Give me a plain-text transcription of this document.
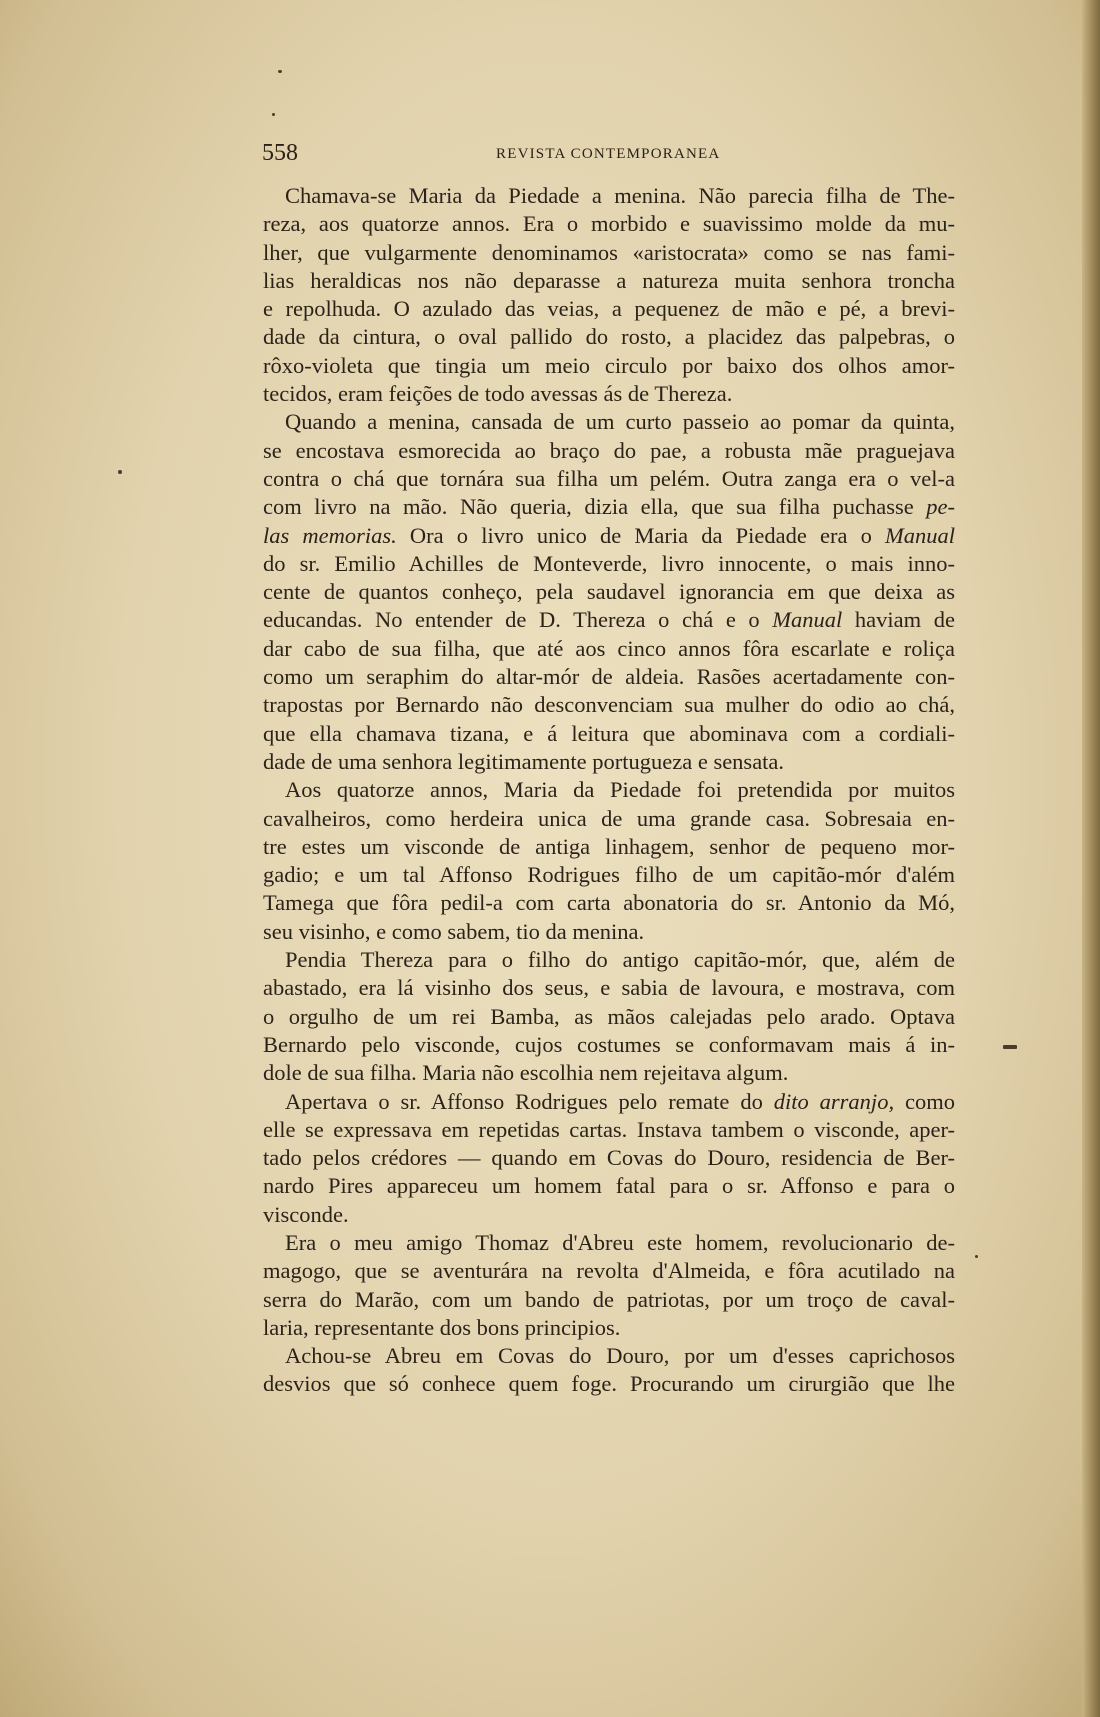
558	REVISTA CONTEMPORANEA
Chamava-se Maria da Piedade a menina. Não parecia filha de The-
reza, aos quatorze annos. Era o morbido e suavissimo molde da mu-
lher, que vulgarmente denominamos «aristocrata» como se nas fami-
lias heraldicas nos não deparasse a natureza muita senhora troncha
e repolhuda. O azulado das veias, a pequenez de mão e pé, a brevi-
dade da cintura, o oval pallido do rosto, a placidez das palpebras, o
rôxo-violeta que tingia um meio circulo por baixo dos olhos amor-
tecidos, eram feições de todo avessas ás de Thereza.
Quando a menina, cansada de um curto passeio ao pomar da quinta,
se encostava esmorecida ao braço do pae, a robusta mãe praguejava
contra o chá que tornára sua filha um pelém. Outra zanga era o vel-a
com livro na mão. Não queria, dizia ella, que sua filha puchasse pe-
las memorias. Ora o livro unico de Maria da Piedade era o Manual
do sr. Emilio Achilles de Monteverde, livro innocente, o mais inno-
cente de quantos conheço, pela saudavel ignorancia em que deixa as
educandas. No entender de D. Thereza o chá e o Manual haviam de
dar cabo de sua filha, que até aos cinco annos fôra escarlate e roliça
como um seraphim do altar-mór de aldeia. Rasões acertadamente con-
trapostas por Bernardo não desconvenciam sua mulher do odio ao chá,
que ella chamava tizana, e á leitura que abominava com a cordiali-
dade de uma senhora legitimamente portugueza e sensata.
Aos quatorze annos, Maria da Piedade foi pretendida por muitos
cavalheiros, como herdeira unica de uma grande casa. Sobresaia en-
tre estes um visconde de antiga linhagem, senhor de pequeno mor-
gadio; e um tal Affonso Rodrigues filho de um capitão-mór d'além
Tamega que fôra pedil-a com carta abonatoria do sr. Antonio da Mó,
seu visinho, e como sabem, tio da menina.
Pendia Thereza para o filho do antigo capitão-mór, que, além de
abastado, era lá visinho dos seus, e sabia de lavoura, e mostrava, com
o orgulho de um rei Bamba, as mãos calejadas pelo arado. Optava
Bernardo pelo visconde, cujos costumes se conformavam mais á in-
dole de sua filha. Maria não escolhia nem rejeitava algum.
Apertava o sr. Affonso Rodrigues pelo remate do dito arranjo, como
elle se expressava em repetidas cartas. Instava tambem o visconde, aper-
tado pelos crédores — quando em Covas do Douro, residencia de Ber-
nardo Pires appareceu um homem fatal para o sr. Affonso e para o
visconde.
Era o meu amigo Thomaz d'Abreu este homem, revolucionario de-
magogo, que se aventurára na revolta d'Almeida, e fôra acutilado na
serra do Marão, com um bando de patriotas, por um troço de caval-
laria, representante dos bons principios.
Achou-se Abreu em Covas do Douro, por um d'esses caprichosos
desvios que só conhece quem foge. Procurando um cirurgião que lhe
